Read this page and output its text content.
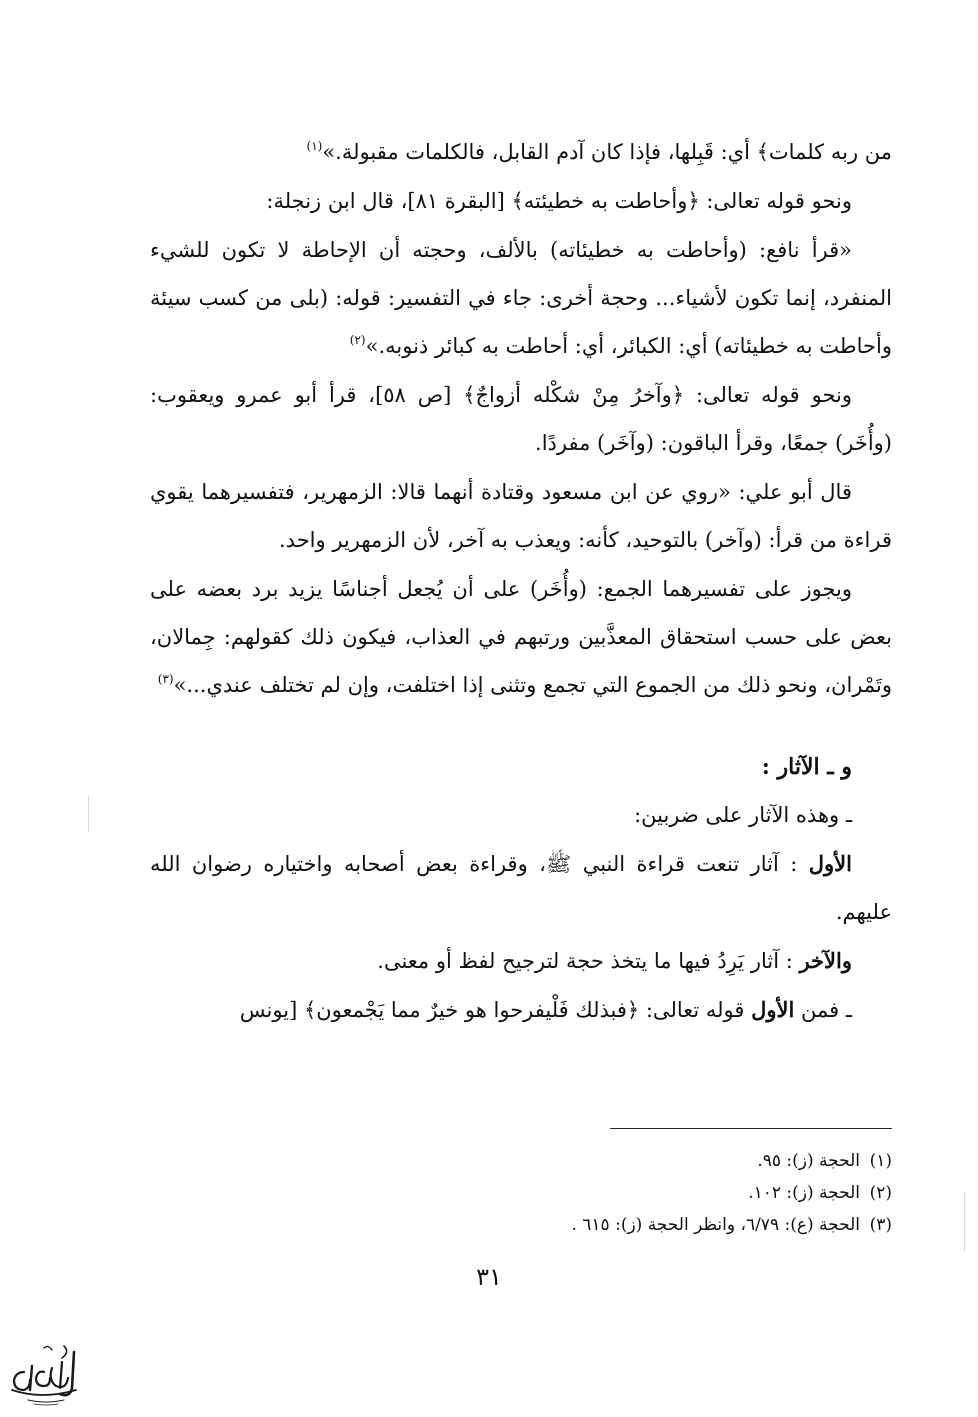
من ربه كلمات﴾ أي: قَبِلها، فإذا كان آدم القابل، فالكلمات مقبولة.»$^{(١)}$

ونحو قوله تعالى: ﴿وأحاطت به خطيئته﴾ [البقرة ٨١]، قال ابن زنجلة:

«قرأ نافع: (وأحاطت به خطيئاته) بالألف، وحجته أن الإحاطة لا تكون للشيء المنفرد، إنما تكون لأشياء... وحجة أخرى: جاء في التفسير: قوله: (بلى من كسب سيئة وأحاطت به خطيئاته) أي: الكبائر، أي: أحاطت به كبائر ذنوبه.»$^{(٢)}$

ونحو قوله تعالى: ﴿وآخرُ مِنْ شكْله أزواجٌ﴾ [ص ٥٨]، قرأ أبو عمرو ويعقوب: (وأُخَر) جمعًا، وقرأ الباقون: (وآخَر) مفردًا.

قال أبو علي: «روي عن ابن مسعود وقتادة أنهما قالا: الزمهرير، فتفسيرهما يقوي قراءة من قرأ: (وآخر) بالتوحيد، كأنه: ويعذب به آخر، لأن الزمهرير واحد.

ويجوز على تفسيرهما الجمع: (وأُخَر) على أن يُجعل أجناسًا يزيد برد بعضه على بعض على حسب استحقاق المعذَّبين ورتبهم في العذاب، فيكون ذلك كقولهم: جِمالان، وتَمْران، ونحو ذلك من الجموع التي تجمع وتثنى إذا اختلفت، وإن لم تختلف عندي...»$^{(٣)}$

و ـ الآثار :

ـ وهذه الآثار على ضربين:

الأول : آثار تنعت قراءة النبي ﷺ، وقراءة بعض أصحابه واختياره رضوان الله عليهم.

والآخر : آثار يَرِدُ فيها ما يتخذ حجة لترجيح لفظ أو معنى.

ـ فمن الأول قوله تعالى: ﴿فبذلك فَلْيفرحوا هو خيرٌ مما يَجْمعون﴾ [يونس

(١)الحجة (ز): ٩٥.

(٢)الحجة (ز): ١٠٢.

(٣)الحجة (ع): ٦/٧٩، وانظر الحجة (ز): ٦١٥ .

٣١
